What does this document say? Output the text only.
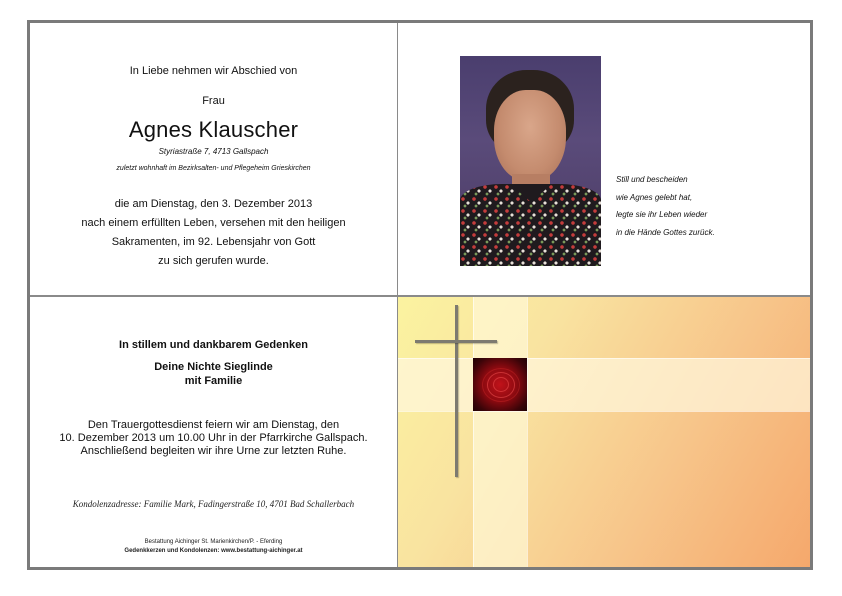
In Liebe nehmen wir Abschied von
Frau
Agnes Klauscher
Styriastraße 7, 4713 Gallspach
zuletzt wohnhaft im Bezirksalten- und Pflegeheim Grieskirchen
die am Dienstag, den 3. Dezember 2013
nach einem erfüllten Leben, versehen mit den heiligen
Sakramenten, im 92. Lebensjahr von Gott
zu sich gerufen wurde.
Still und bescheiden
wie Agnes gelebt hat,
legte sie ihr Leben wieder
in die Hände Gottes zurück.
In stillem und dankbarem Gedenken
Deine Nichte Sieglinde
mit Familie
Den Trauergottesdienst feiern wir am Dienstag, den
10. Dezember 2013 um 10.00 Uhr in der Pfarrkirche Gallspach.
Anschließend begleiten wir ihre Urne zur letzten Ruhe.
Kondolenzadresse: Familie Mark, Fadingerstraße 10, 4701 Bad Schallerbach
Bestattung Aichinger St. Marienkirchen/P. - Eferding
Gedenkkerzen und Kondolenzen: www.bestattung-aichinger.at
